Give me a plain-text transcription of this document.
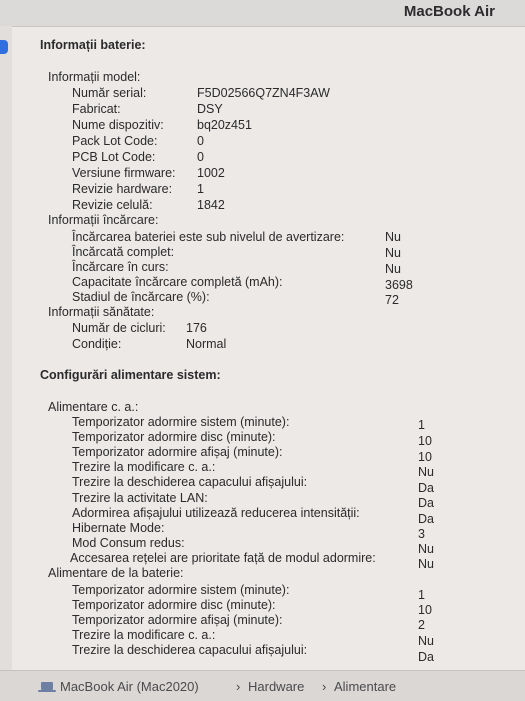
MacBook Air
Informații baterie:
Informații model:
Număr serial:	F5D02566Q7ZN4F3AW
Fabricat:	DSY
Nume dispozitiv:	bq20z451
Pack Lot Code:	0
PCB Lot Code:	0
Versiune firmware: 1002
Revizie hardware: 1
Revizie celulă:	1842
Informații încărcare:
Încărcarea bateriei este sub nivelul de avertizare:	Nu
Încărcată complet:	Nu
Încărcare în curs:	Nu
Capacitate încărcare completă (mAh):	3698
Stadiul de încărcare (%):	72
Informații sănătate:
Număr de cicluri: 176
Condiție:	Normal
Configurări alimentare sistem:
Alimentare c. a.:
Temporizator adormire sistem (minute):	1
Temporizator adormire disc (minute):	10
Temporizator adormire afișaj (minute):	10
Trezire la modificare c. a.:	Nu
Trezire la deschiderea capacului afișajului:	Da
Trezire la activitate LAN:	Da
Adormirea afișajului utilizează reducerea intensității:	Da
Hibernate Mode:	3
Mod Consum redus:	Nu
Accesarea rețelei are prioritate față de modul adormire:	Nu
Alimentare de la baterie:
Temporizator adormire sistem (minute):	1
Temporizator adormire disc (minute):	10
Temporizator adormire afișaj (minute):	2
Trezire la modificare c. a.:	Nu
Trezire la deschiderea capacului afișajului:	Da
MacBook Air (Mac2020)	› Hardware › Alimentare
